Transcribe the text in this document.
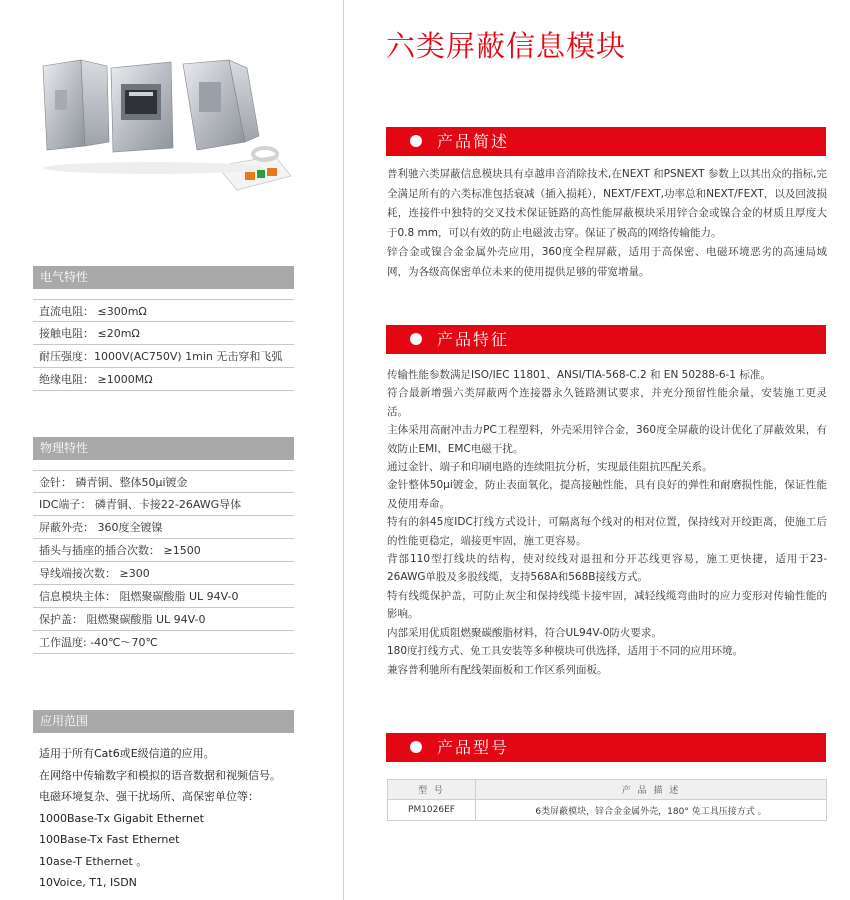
电气特性
直流电阻： ≤300mΩ
接触电阻： ≤20mΩ
耐压强度：1000V(AC750V) 1min 无击穿和飞弧
绝缘电阻： ≥1000MΩ
物理特性
金针： 磷青铜、整体50μi镀金
IDC端子： 磷青铜、卡接22-26AWG导体
屏蔽外壳： 360度全镀镍
插头与插座的插合次数： ≥1500
导线端接次数： ≥300
信息模块主体： 阻燃聚碳酸脂 UL 94V-0
保护盖： 阻燃聚碳酸脂 UL 94V-0
工作温度: -40℃～70℃
应用范围
适用于所有Cat6或E级信道的应用。
在网络中传输数字和模拟的语音数据和视频信号。
电磁环境复杂、强干扰场所、高保密单位等：
1000Base-Tx Gigabit Ethernet
100Base-Tx Fast Ethernet
10ase-T Ethernet 。
10Voice, T1, ISDN
六类屏蔽信息模块
产品简述

普利驰六类屏蔽信息模块具有卓越串音消除技术,在NEXT 和PSNEXT 参数上以其出众的指标,完全满足所有的六类标准包括衰减（插入损耗），NEXT/FEXT,功率总和NEXT/FEXT，以及回波损耗，连接件中独特的交叉技术保证链路的高性能屏蔽模块采用锌合金或镍合金的材质且厚度大于0.8 mm，可以有效的防止电磁波击穿。保证了极高的网络传输能力。

锌合金或镍合金金属外壳应用，360度全程屏蔽，适用于高保密、电磁环境恶劣的高速局域网，为各级高保密单位未来的使用提供足够的带宽增量。

产品特征

传输性能参数满足ISO/IEC 11801、ANSI/TIA-568-C.2 和 EN 50288-6-1 标准。

符合最新增强六类屏蔽两个连接器永久链路测试要求，并充分预留性能余量，安装施工更灵活。

主体采用高耐冲击力PC工程塑料，外壳采用锌合金，360度全屏蔽的设计优化了屏蔽效果，有效防止EMI、EMC电磁干扰。

通过金针、端子和印刷电路的连续阻抗分析，实现最佳阻抗匹配关系。

金针整体50μi镀金，防止表面氧化，提高接触性能，具有良好的弹性和耐磨损性能，保证性能及使用寿命。

特有的斜45度IDC打线方式设计，可隔离每个线对的相对位置，保持线对开绞距离，使施工后的性能更稳定，端接更牢固，施工更容易。

背部110型打线块的结构，使对绞线对退扭和分开芯线更容易，施工更快捷，适用于23-26AWG单股及多股线缆，支持568A和568B接线方式。

特有线缆保护盖，可防止灰尘和保持线缆卡接牢固，减轻线缆弯曲时的应力变形对传输性能的影响。

内部采用优质阻燃聚碳酸脂材料，符合UL94V-0防火要求。

180度打线方式、免工具安装等多种模块可供选择，适用于不同的应用环境。

兼容普利驰所有配线架面板和工作区系列面板。

产品型号
型 号	产 品 描 述
PM1026EF	6类屏蔽模块，锌合金金属外壳，180° 免工具压接方式 。
